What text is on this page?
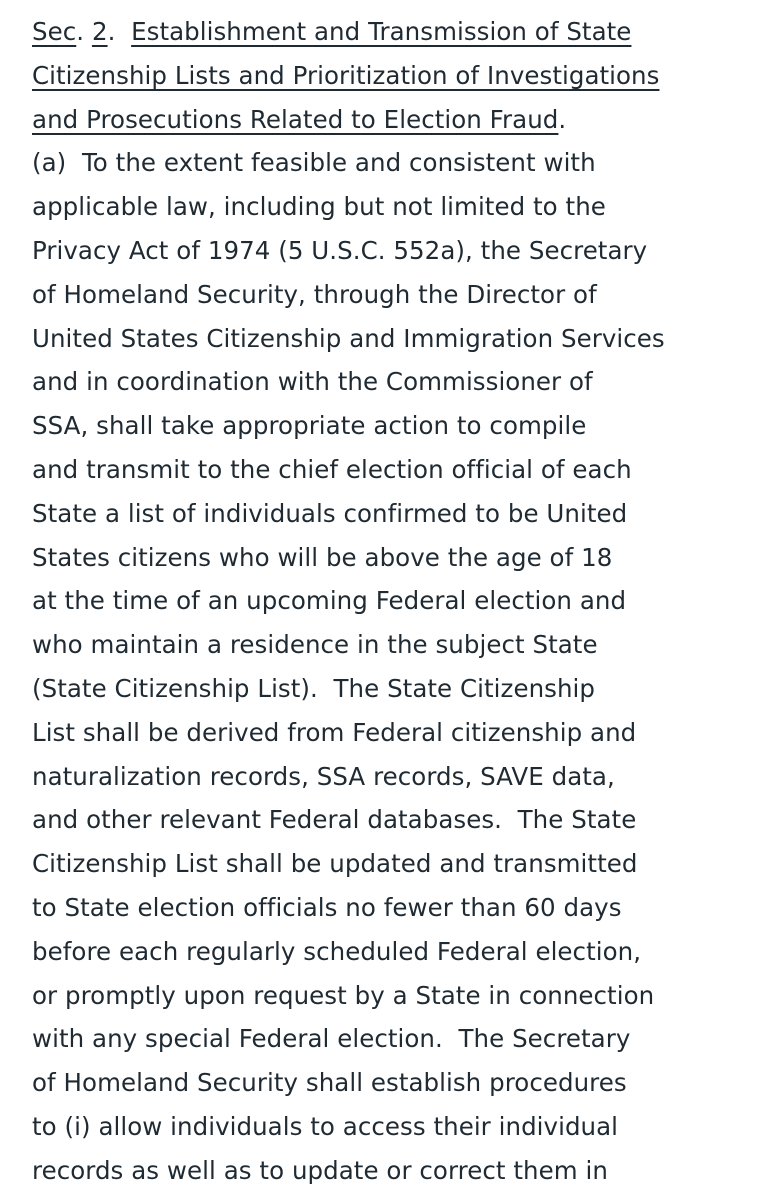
Sec. 2. Establishment and Transmission of State
Citizenship Lists and Prioritization of Investigations
and Prosecutions Related to Election Fraud.
(a)  To the extent feasible and consistent with
applicable law, including but not limited to the
Privacy Act of 1974 (5 U.S.C. 552a), the Secretary
of Homeland Security, through the Director of
United States Citizenship and Immigration Services
and in coordination with the Commissioner of
SSA, shall take appropriate action to compile
and transmit to the chief election official of each
State a list of individuals confirmed to be United
States citizens who will be above the age of 18
at the time of an upcoming Federal election and
who maintain a residence in the subject State
(State Citizenship List).  The State Citizenship
List shall be derived from Federal citizenship and
naturalization records, SSA records, SAVE data,
and other relevant Federal databases.  The State
Citizenship List shall be updated and transmitted
to State election officials no fewer than 60 days
before each regularly scheduled Federal election,
or promptly upon request by a State in connection
with any special Federal election.  The Secretary
of Homeland Security shall establish procedures
to (i) allow individuals to access their individual
records as well as to update or correct them in
